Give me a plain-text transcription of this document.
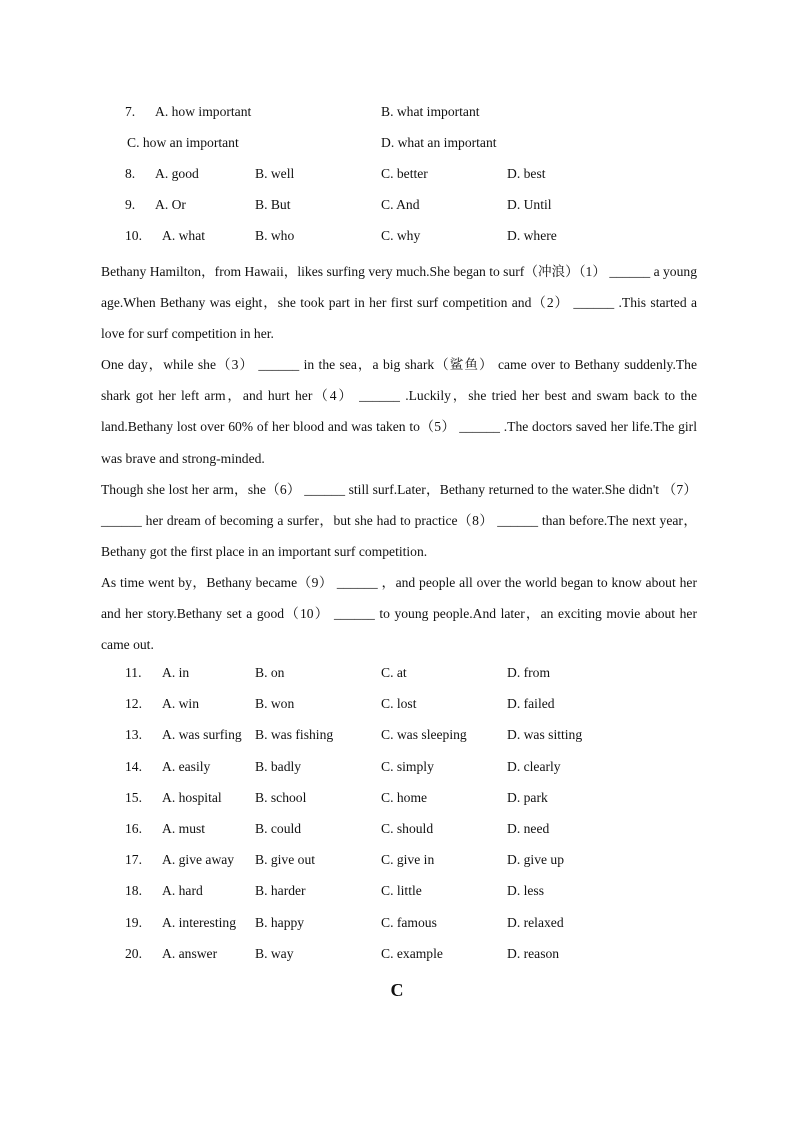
7.	A. how important	B. what important
C. how an important	D. what an important
8.	A. good	B. well	C. better	D. best
9.	A. Or	B. But	C. And	D. Until
10.	A. what	B. who	C. why	D. where

Bethany Hamilton，from Hawaii，likes surfing very much.She began to surf（冲浪）（1） ______ a young age.When Bethany was eight，she took part in her first surf competition and（2） ______ .This started a love for surf competition in her.

One day，while she（3） ______ in the sea，a big shark（鲨鱼） came over to Bethany suddenly.The shark got her left arm，and hurt her（4） ______ .Luckily，she tried her best and swam back to the land.Bethany lost over 60% of her blood and was taken to（5） ______ .The doctors saved her life.The girl was brave and strong-minded.

Though she lost her arm，she（6） ______ still surf.Later，Bethany returned to the water.She didn't （7） ______ her dream of becoming a surfer，but she had to practice（8） ______ than before.The next year，Bethany got the first place in an important surf competition.

As time went by，Bethany became（9） ______ ，and people all over the world began to know about her and her story.Bethany set a good（10） ______ to young people.And later，an exciting movie about her came out.

11. A. in	B. on	C. at	D. from
12. A. win	B. won	C. lost	D. failed
13. A. was surfing B. was fishing	C. was sleeping	D. was sitting
14. A. easily	B. badly	C. simply	D. clearly
15. A. hospital B. school	C. home	D. park
16. A. must	B. could	C. should	D. need
17. A. give away B. give out	C. give in	D. give up
18. A. hard	B. harder	C. little	D. less
19. A. interesting B. happy	C. famous	D. relaxed
20. A. answer	B. way	C. example	D. reason
C
